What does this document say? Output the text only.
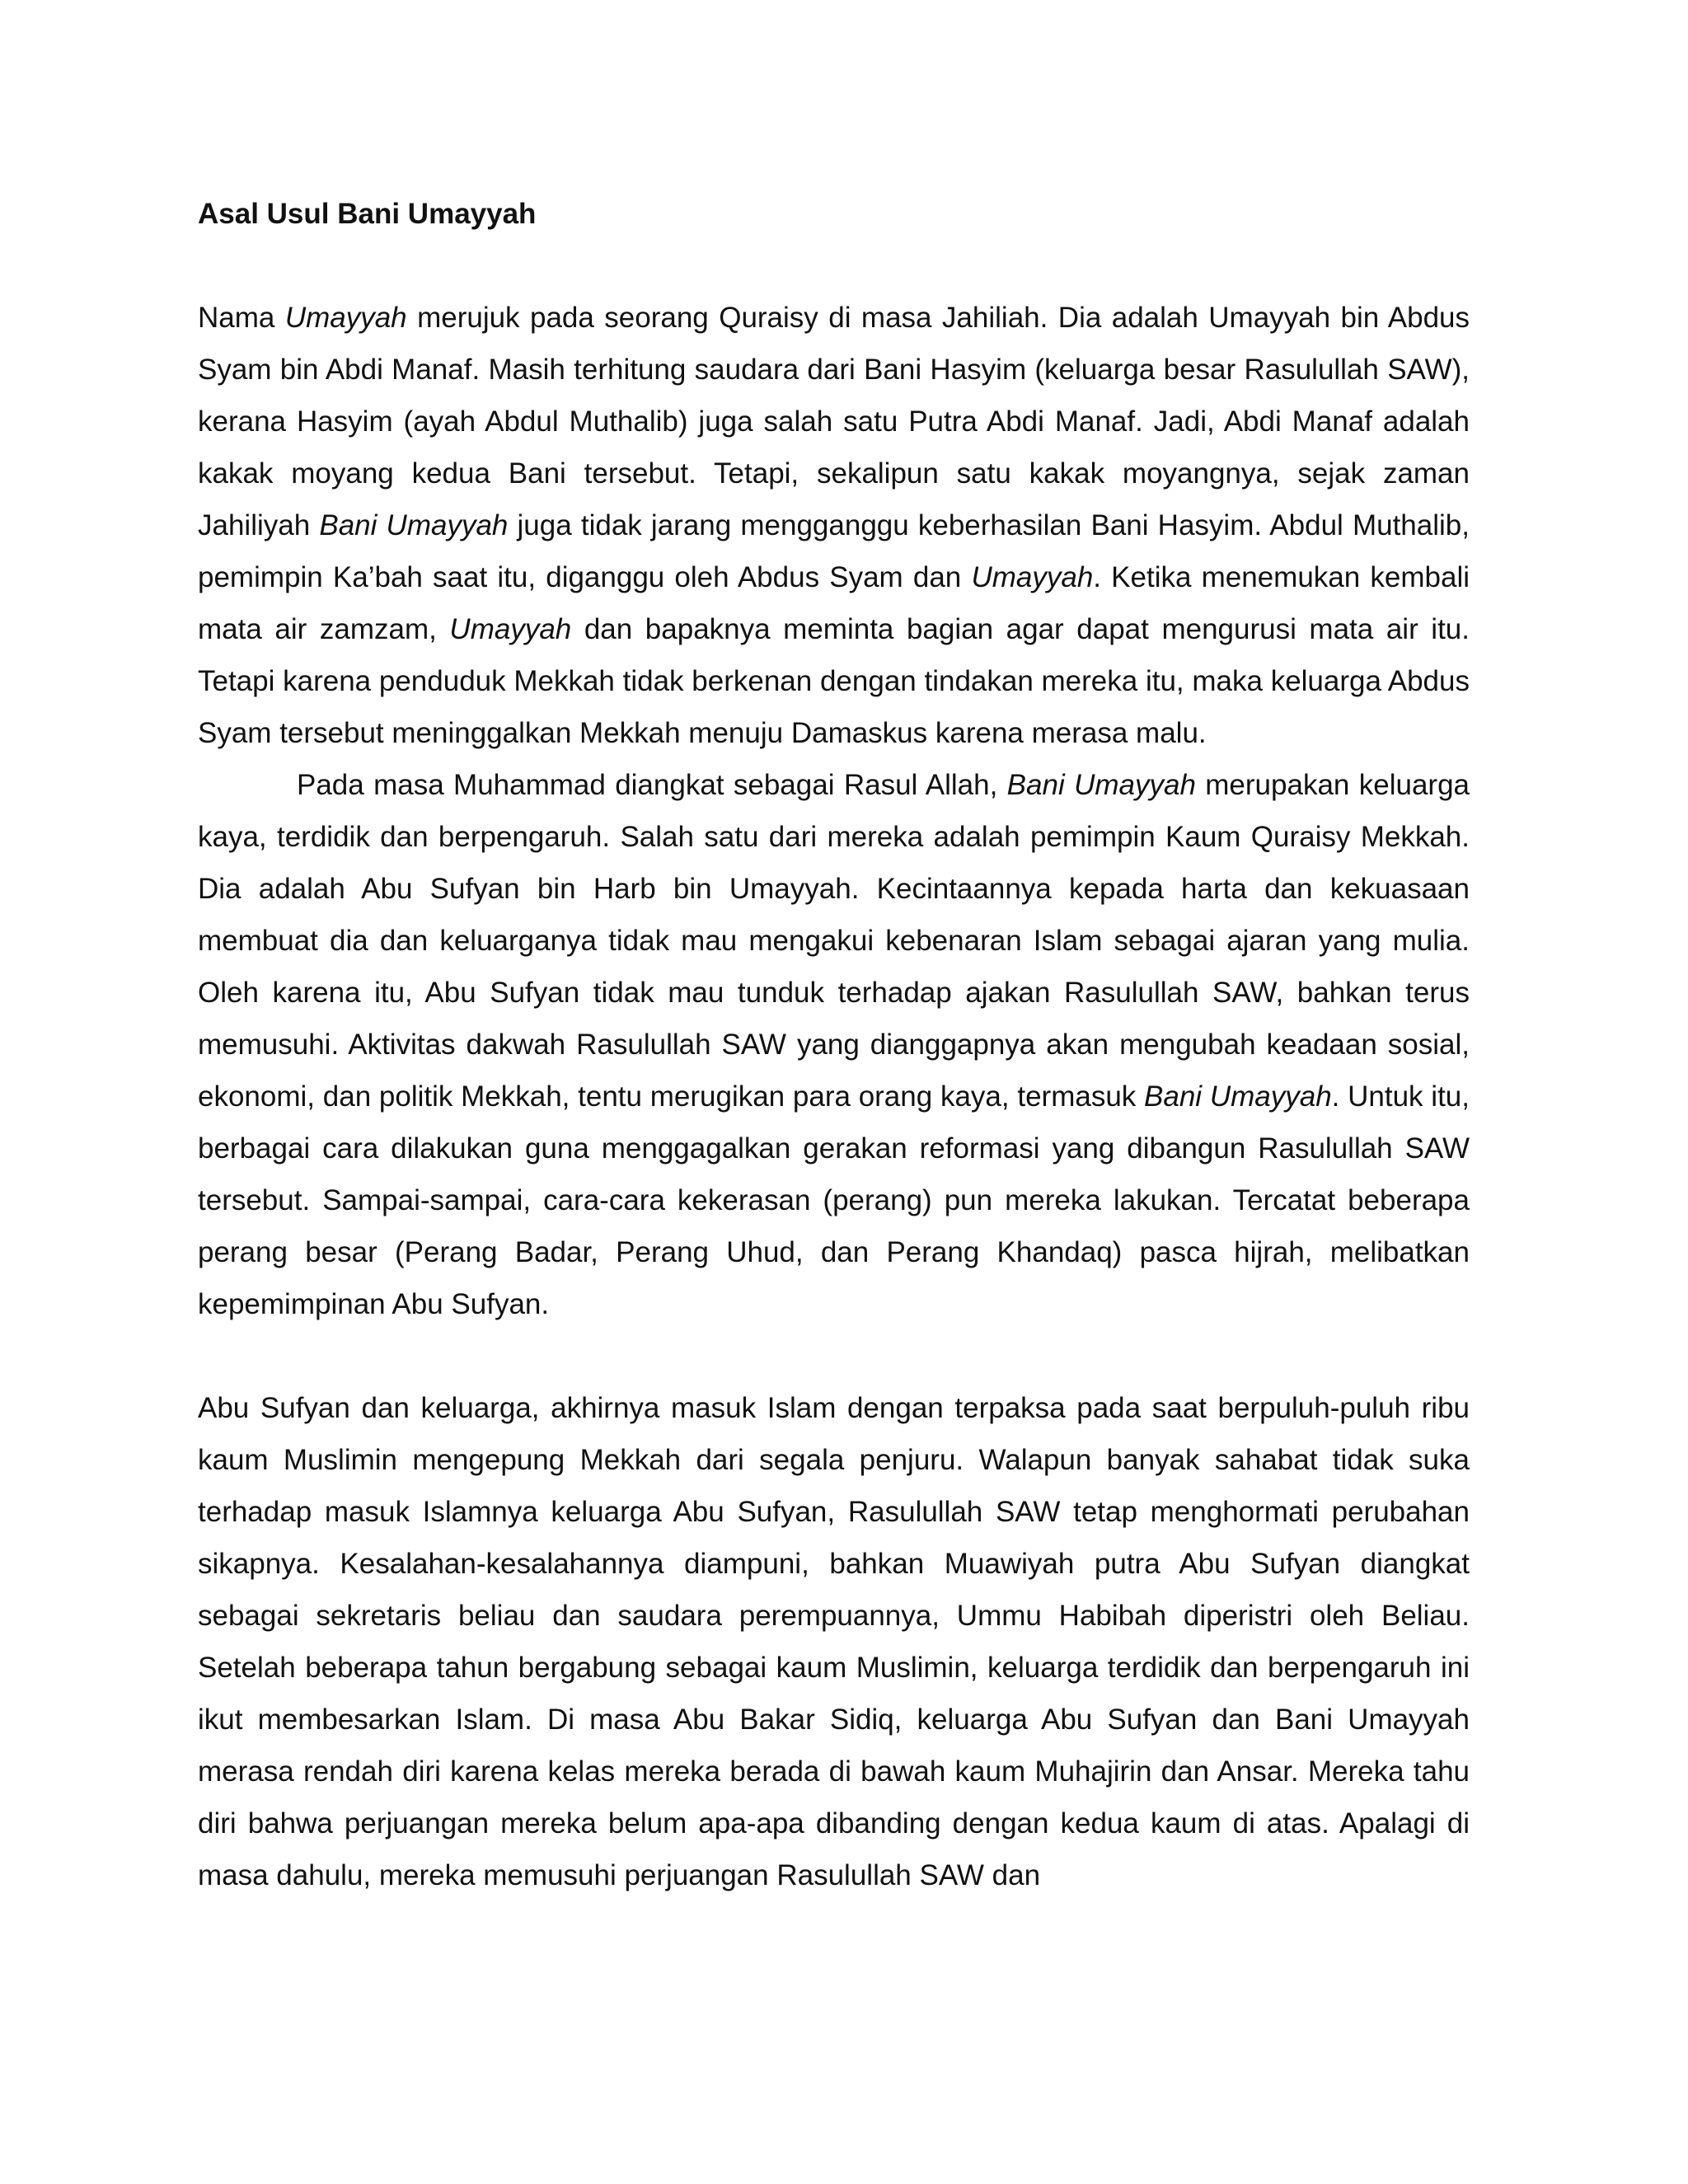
Asal Usul Bani Umayyah

Nama Umayyah merujuk pada seorang Quraisy di masa Jahiliah. Dia adalah Umayyah bin Abdus Syam bin Abdi Manaf. Masih terhitung saudara dari Bani Hasyim (keluarga besar Rasulullah SAW), kerana Hasyim (ayah Abdul Muthalib) juga salah satu Putra Abdi Manaf. Jadi, Abdi Manaf adalah kakak moyang kedua Bani tersebut. Tetapi, sekalipun satu kakak moyangnya, sejak zaman Jahiliyah Bani Umayyah juga tidak jarang mengganggu keberhasilan Bani Hasyim. Abdul Muthalib, pemimpin Ka’bah saat itu, diganggu oleh Abdus Syam dan Umayyah. Ketika menemukan kembali mata air zamzam, Umayyah dan bapaknya meminta bagian agar dapat mengurusi mata air itu. Tetapi karena penduduk Mekkah tidak berkenan dengan tindakan mereka itu, maka keluarga Abdus Syam tersebut meninggalkan Mekkah menuju Damaskus karena merasa malu.

Pada masa Muhammad diangkat sebagai Rasul Allah, Bani Umayyah merupakan keluarga kaya, terdidik dan berpengaruh. Salah satu dari mereka adalah pemimpin Kaum Quraisy Mekkah. Dia adalah Abu Sufyan bin Harb bin Umayyah. Kecintaannya kepada harta dan kekuasaan membuat dia dan keluarganya tidak mau mengakui kebenaran Islam sebagai ajaran yang mulia. Oleh karena itu, Abu Sufyan tidak mau tunduk terhadap ajakan Rasulullah SAW, bahkan terus memusuhi. Aktivitas dakwah Rasulullah SAW yang dianggapnya akan mengubah keadaan sosial, ekonomi, dan politik Mekkah, tentu merugikan para orang kaya, termasuk Bani Umayyah. Untuk itu, berbagai cara dilakukan guna menggagalkan gerakan reformasi yang dibangun Rasulullah SAW tersebut. Sampai-sampai, cara-cara kekerasan (perang) pun mereka lakukan. Tercatat beberapa perang besar (Perang Badar, Perang Uhud, dan Perang Khandaq) pasca hijrah, melibatkan kepemimpinan Abu Sufyan.

Abu Sufyan dan keluarga, akhirnya masuk Islam dengan terpaksa pada saat berpuluh-puluh ribu kaum Muslimin mengepung Mekkah dari segala penjuru. Walapun banyak sahabat tidak suka terhadap masuk Islamnya keluarga Abu Sufyan, Rasulullah SAW tetap menghormati perubahan sikapnya. Kesalahan-kesalahannya diampuni, bahkan Muawiyah putra Abu Sufyan diangkat sebagai sekretaris beliau dan saudara perempuannya, Ummu Habibah diperistri oleh Beliau. Setelah beberapa tahun bergabung sebagai kaum Muslimin, keluarga terdidik dan berpengaruh ini ikut membesarkan Islam. Di masa Abu Bakar Sidiq, keluarga Abu Sufyan dan Bani Umayyah merasa rendah diri karena kelas mereka berada di bawah kaum Muhajirin dan Ansar. Mereka tahu diri bahwa perjuangan mereka belum apa-apa dibanding dengan kedua kaum di atas. Apalagi di masa dahulu, mereka memusuhi perjuangan Rasulullah SAW dan
